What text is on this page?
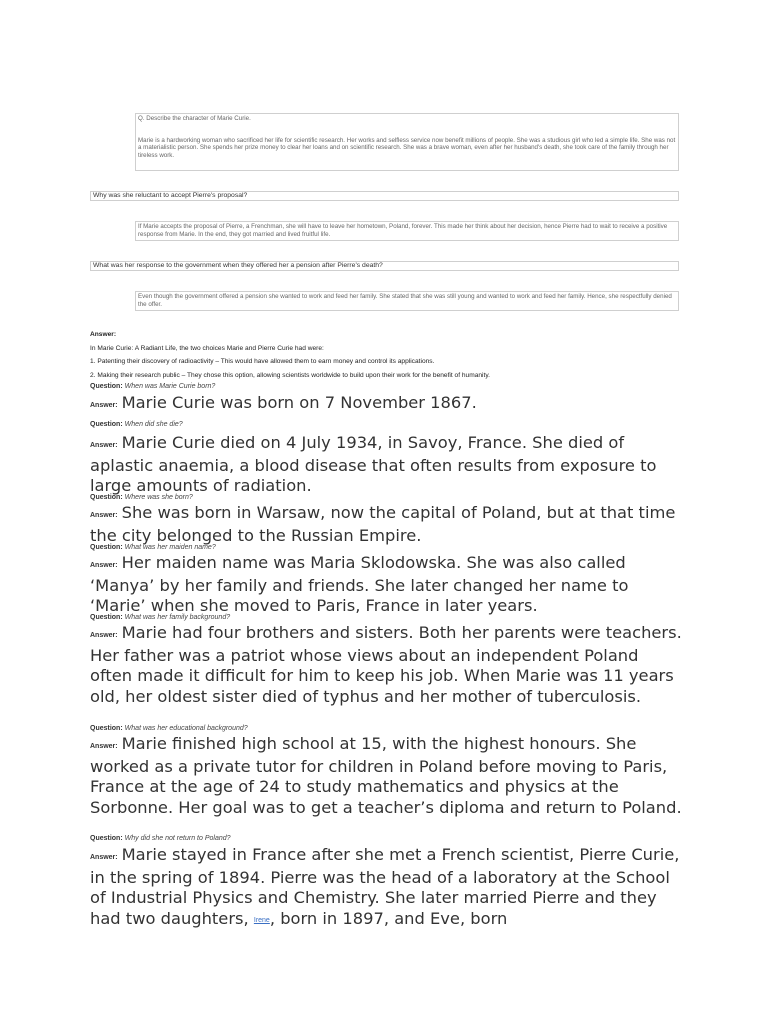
Q. Describe the character of Marie Curie.

Marie is a hardworking woman who sacrificed her life for scientific research. Her works and selfless service now benefit millions of people. She was a studious girl who led a simple life. She was not a materialistic person. She spends her prize money to clear her loans and on scientific research. She was a brave woman, even after her husband's death, she took care of the family through her tireless work.

Why was she reluctant to accept Pierre's proposal?

If Marie accepts the proposal of Pierre, a Frenchman, she will have to leave her hometown, Poland, forever. This made her think about her decision, hence Pierre had to wait to receive a positive response from Marie. In the end, they got married and lived fruitful life.

What was her response to the government when they offered her a pension after Pierre's death?

Even though the government offered a pension she wanted to work and feed her family. She stated that she was still young and wanted to work and feed her family. Hence, she respectfully denied the offer.

Answer:
In Marie Curie: A Radiant Life, the two choices Marie and Pierre Curie had were:
1. Patenting their discovery of radioactivity – This would have allowed them to earn money and control its applications.
2. Making their research public – They chose this option, allowing scientists worldwide to build upon their work for the benefit of humanity.
Question: When was Marie Curie born?
Answer: Marie Curie was born on 7 November 1867.
Question: When did she die?
Answer: Marie Curie died on 4 July 1934, in Savoy, France. She died of aplastic anaemia, a blood disease that often results from exposure to large amounts of radiation.
Question: Where was she born?
Answer: She was born in Warsaw, now the capital of Poland, but at that time the city belonged to the Russian Empire.
Question: What was her maiden name?
Answer: Her maiden name was Maria Sklodowska. She was also called ‘Manya’ by her family and friends. She later changed her name to ‘Marie’ when she moved to Paris, France in later years.
Question: What was her family background?
Answer: Marie had four brothers and sisters. Both her parents were teachers. Her father was a patriot whose views about an independent Poland often made it difficult for him to keep his job. When Marie was 11 years old, her oldest sister died of typhus and her mother of tuberculosis.
Question: What was her educational background?
Answer: Marie finished high school at 15, with the highest honours. She worked as a private tutor for children in Poland before moving to Paris, France at the age of 24 to study mathematics and physics at the Sorbonne. Her goal was to get a teacher’s diploma and return to Poland.
Question: Why did she not return to Poland?
Answer: Marie stayed in France after she met a French scientist, Pierre Curie, in the spring of 1894. Pierre was the head of a laboratory at the School of Industrial Physics and Chemistry. She later married Pierre and they had two daughters, Irene, born in 1897, and Eve, born
